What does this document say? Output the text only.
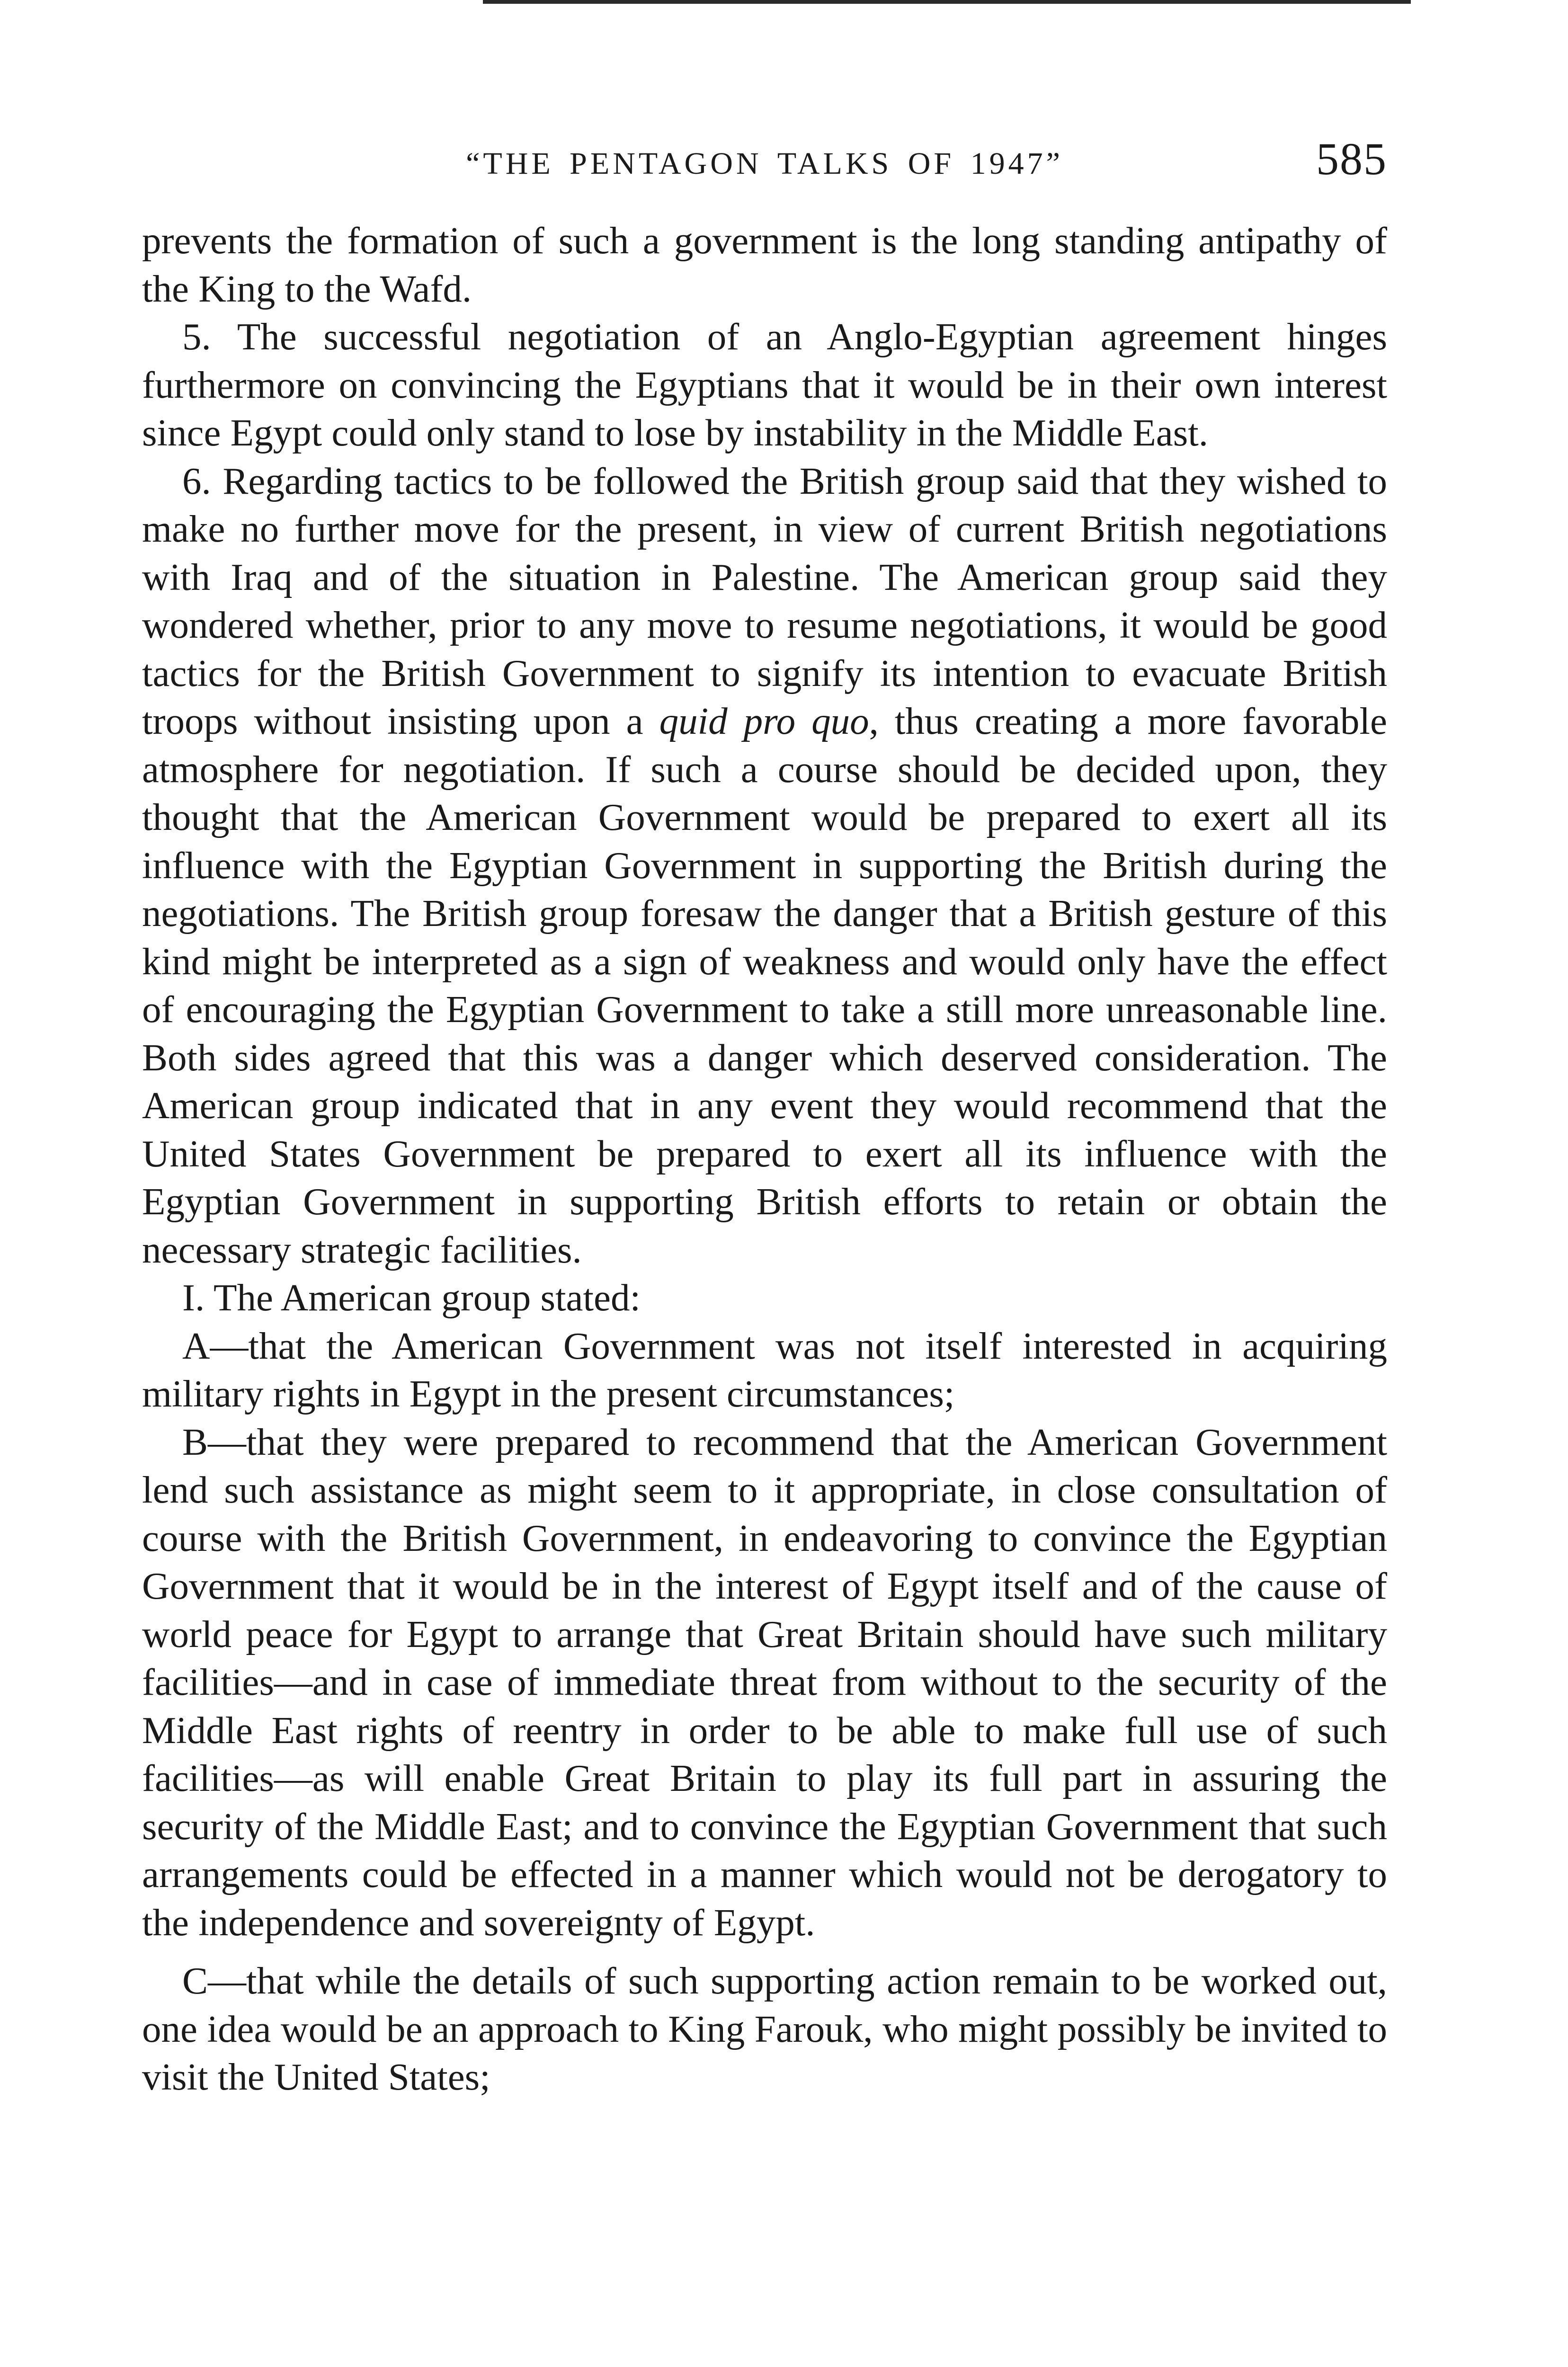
“THE PENTAGON TALKS OF 1947”	585

prevents the formation of such a government is the long standing antipathy of the King to the Wafd.

5. The successful negotiation of an Anglo-Egyptian agreement hinges furthermore on convincing the Egyptians that it would be in their own interest since Egypt could only stand to lose by instability in the Middle East.

6. Regarding tactics to be followed the British group said that they wished to make no further move for the present, in view of current British negotiations with Iraq and of the situation in Palestine. The American group said they wondered whether, prior to any move to resume negotiations, it would be good tactics for the British Government to signify its intention to evacuate British troops without insisting upon a quid pro quo, thus creating a more favorable atmosphere for negotiation. If such a course should be decided upon, they thought that the American Government would be prepared to exert all its influence with the Egyptian Government in supporting the British during the negotiations. The British group foresaw the danger that a British gesture of this kind might be interpreted as a sign of weakness and would only have the effect of encouraging the Egyptian Government to take a still more unreasonable line. Both sides agreed that this was a danger which deserved consideration. The American group indicated that in any event they would recommend that the United States Government be prepared to exert all its influence with the Egyptian Government in supporting British efforts to retain or obtain the necessary strategic facilities.

I. The American group stated:

A—that the American Government was not itself interested in acquiring military rights in Egypt in the present circumstances;

B—that they were prepared to recommend that the American Government lend such assistance as might seem to it appropriate, in close consultation of course with the British Government, in endeavoring to convince the Egyptian Government that it would be in the interest of Egypt itself and of the cause of world peace for Egypt to arrange that Great Britain should have such military facilities—and in case of immediate threat from without to the security of the Middle East rights of reentry in order to be able to make full use of such facilities—as will enable Great Britain to play its full part in assuring the security of the Middle East; and to convince the Egyptian Government that such arrangements could be effected in a manner which would not be derogatory to the independence and sovereignty of Egypt.

C—that while the details of such supporting action remain to be worked out, one idea would be an approach to King Farouk, who might possibly be invited to visit the United States;
